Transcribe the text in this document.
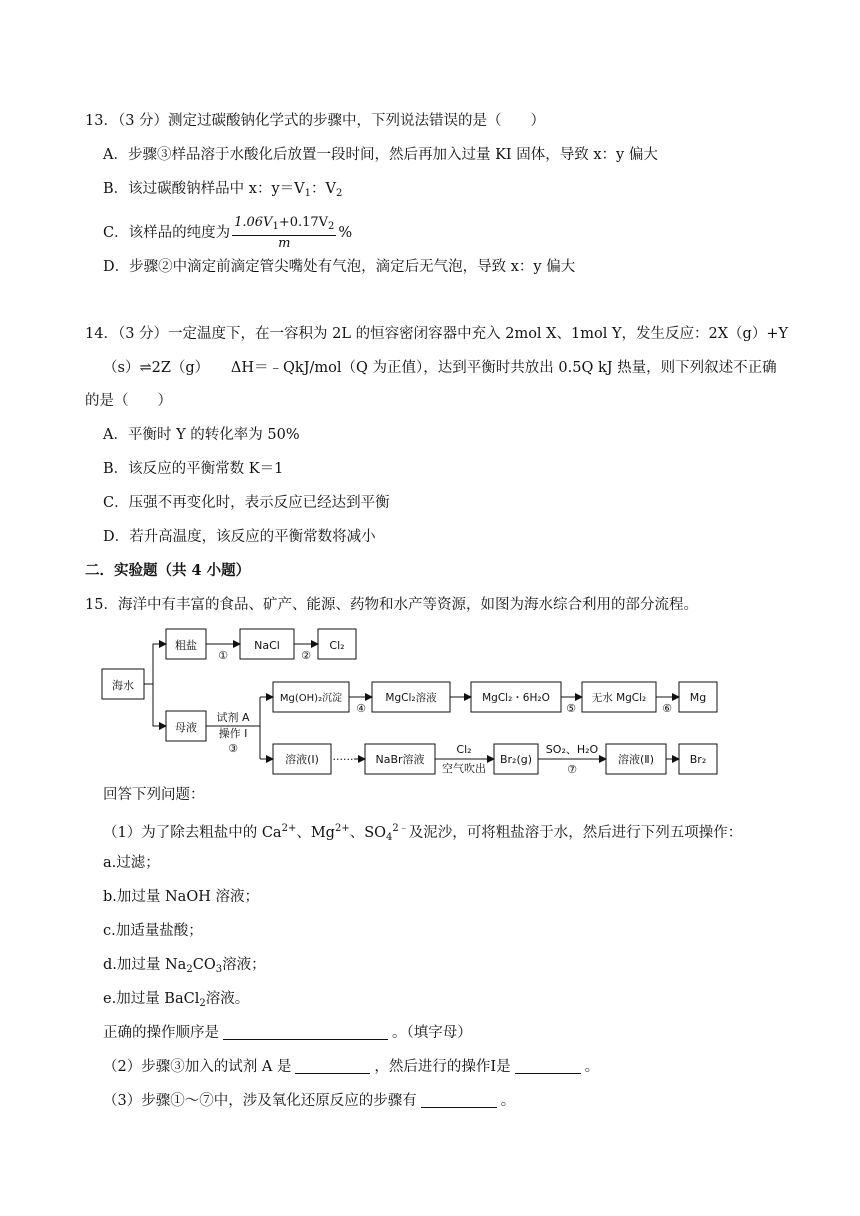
13．（3 分）测定过碳酸钠化学式的步骤中，下列说法错误的是（　　）
A．步骤③样品溶于水酸化后放置一段时间，然后再加入过量 KI 固体，导致 x：y 偏大
B．该过碳酸钠样品中 x：$y=V_1$：$V_2$
C．该样品的纯度为 $\frac{1.06V_1+0.17V_2}{m}$ %
D．步骤②中滴定前滴定管尖嘴处有气泡，滴定后无气泡，导致 x：y 偏大
14．（3 分）一定温度下，在一容积为 2L 的恒容密闭容器中充入 2mol X、1mol Y，发生反应：2X（g）+Y
（s）⇌2Z（g）　　ΔH＝﹣QkJ/mol（Q 为正值），达到平衡时共放出 0.5Q kJ 热量，则下列叙述不正确
的是（　　）
A．平衡时 Y 的转化率为 50%
B．该反应的平衡常数 K＝1
C．压强不再变化时，表示反应已经达到平衡
D．若升高温度，该反应的平衡常数将减小
二．实验题（共 4 小题）
15．海洋中有丰富的食品、矿产、能源、药物和水产等资源，如图为海水综合利用的部分流程。
海水
粗盐	NaCl	Cl₂
①	②
母液
试剂 A
操作 I
③
Mg(OH)₂沉淀
④
MgCl₂溶液	MgCl₂・6H₂O
⑤
无水 MgCl₂
⑥
Mg
溶液(I) ······ NaBr溶液
Cl₂
空气吹出
Br₂(g)
SO₂、H₂O
⑦
溶液(Ⅱ)	Br₂
回答下列问题：
（1）为了除去粗盐中的 $Ca^{2+}$、$Mg^{2+}$、$SO_4^{2﹣}$及泥沙，可将粗盐溶于水，然后进行下列五项操作：
a.过滤；
b.加过量 NaOH 溶液；
c.加适量盐酸；
d.加过量 $Na_2CO_3$溶液；
e.加过量 BaCl$_2$溶液。
正确的操作顺序是	。（填字母）
（2）步骤③加入的试剂 A 是	，然后进行的操作Ⅰ是	。
（3）步骤①～⑦中，涉及氧化还原反应的步骤有	。
